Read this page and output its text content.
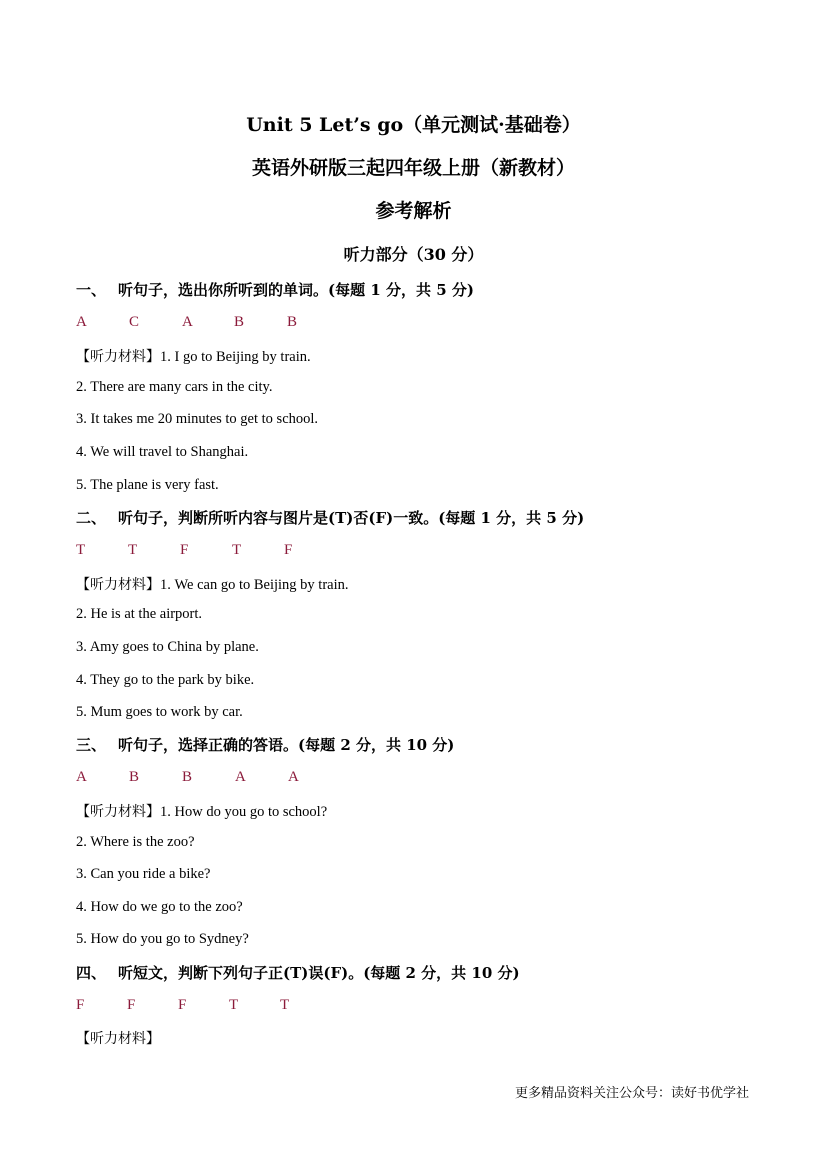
Unit 5 Let’s go（单元测试·基础卷）
英语外研版三起四年级上册（新教材）
参考解析
听力部分（30 分）
一、 听句子，选出你所听到的单词。(每题 1 分，共 5 分)
A	C	A	B	B
【听力材料】1. I go to Beijing by train.
2. There are many cars in the city.
3. It takes me 20 minutes to get to school.
4. We will travel to Shanghai.
5. The plane is very fast.
二、 听句子，判断所听内容与图片是(T)否(F)一致。(每题 1 分，共 5 分)
T	T	F	T	F
【听力材料】1. We can go to Beijing by train.
2. He is at the airport.
3. Amy goes to China by plane.
4. They go to the park by bike.
5. Mum goes to work by car.
三、 听句子，选择正确的答语。(每题 2 分，共 10 分)
A	B	B	A	A
【听力材料】1. How do you go to school?
2. Where is the zoo?
3. Can you ride a bike?
4. How do we go to the zoo?
5. How do you go to Sydney?
四、 听短文，判断下列句子正(T)误(F)。(每题 2 分，共 10 分)
F	F	F	T	T
【听力材料】
更多精品资料关注公众号：读好书优学社
